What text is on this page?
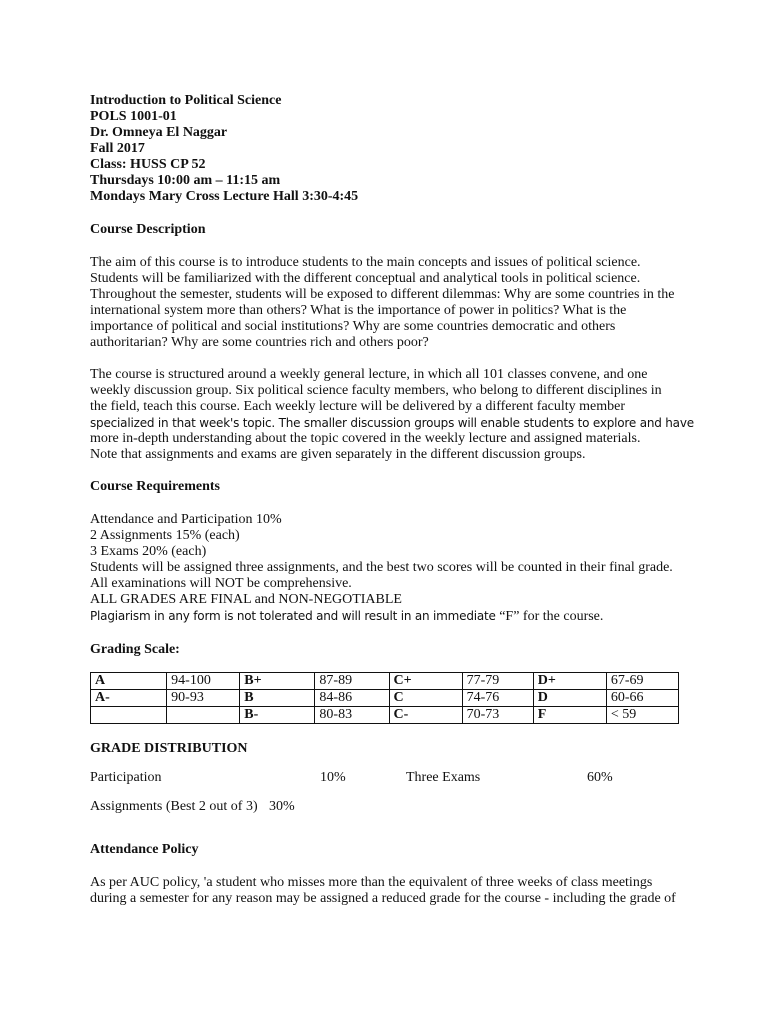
Introduction to Political Science
POLS 1001-01
Dr. Omneya El Naggar
Fall 2017
Class: HUSS CP 52
Thursdays 10:00 am – 11:15 am
Mondays Mary Cross Lecture Hall 3:30-4:45
Course Description
The aim of this course is to introduce students to the main concepts and issues of political science.
Students will be familiarized with the different conceptual and analytical tools in political science.
Throughout the semester, students will be exposed to different dilemmas: Why are some countries in the
international system more than others? What is the importance of power in politics? What is the
importance of political and social institutions? Why are some countries democratic and others
authoritarian? Why are some countries rich and others poor?
The course is structured around a weekly general lecture, in which all 101 classes convene, and one
weekly discussion group. Six political science faculty members, who belong to different disciplines in
the field, teach this course. Each weekly lecture will be delivered by a different faculty member
specialized in that week's topic. The smaller discussion groups will enable students to explore and have
more in-depth understanding about the topic covered in the weekly lecture and assigned materials.
Note that assignments and exams are given separately in the different discussion groups.
Course Requirements
Attendance and Participation 10%
2 Assignments 15% (each)
3 Exams 20% (each)
Students will be assigned three assignments, and the best two scores will be counted in their final grade.
All examinations will NOT be comprehensive.
ALL GRADES ARE FINAL and NON-NEGOTIABLE
Plagiarism in any form is not tolerated and will result in an immediate “F” for the course.
Grading Scale:
A	94-100	B+	87-89	C+	77-79	D+	67-69
A-	90-93	B	84-86	C	74-76	D	60-66
		B-	80-83	C-	70-73	F	< 59
GRADE DISTRIBUTION
Participation	10%	Three Exams	60%
Assignments (Best 2 out of 3) 30%
Attendance Policy
As per AUC policy, 'a student who misses more than the equivalent of three weeks of class meetings
during a semester for any reason may be assigned a reduced grade for the course - including the grade of
